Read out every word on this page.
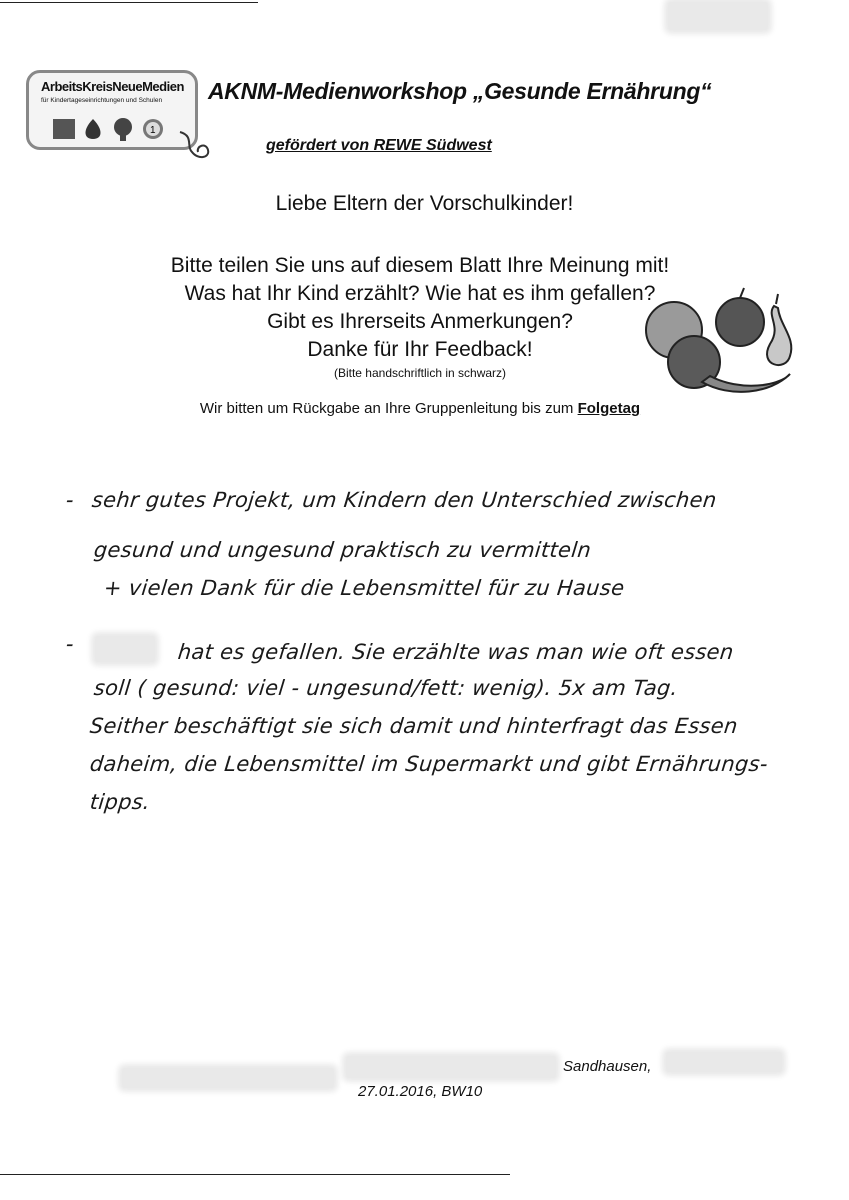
ArbeitsKreisNeueMedien
für Kindertageseinrichtungen und Schulen
1
AKNM-Medienworkshop „Gesunde Ernährung“
gefördert von REWE Südwest
Liebe Eltern der Vorschulkinder!
Bitte teilen Sie uns auf diesem Blatt Ihre Meinung mit!
Was hat Ihr Kind erzählt? Wie hat es ihm gefallen?
Gibt es Ihrerseits Anmerkungen?
Danke für Ihr Feedback!
(Bitte handschriftlich in schwarz)
Wir bitten um Rückgabe an Ihre Gruppenleitung bis zum Folgetag
- sehr gutes Projekt, um Kindern den Unterschied zwischen
gesund und ungesund praktisch zu vermitteln
+ vielen Dank für die Lebensmittel für zu Hause
-	hat es gefallen. Sie erzählte was man wie oft essen
soll ( gesund: viel - ungesund/fett: wenig). 5x am Tag.
Seither beschäftigt sie sich damit und hinterfragt das Essen
daheim, die Lebensmittel im Supermarkt und gibt Ernährungs-
tipps.
Sandhausen,
27.01.2016, BW10
